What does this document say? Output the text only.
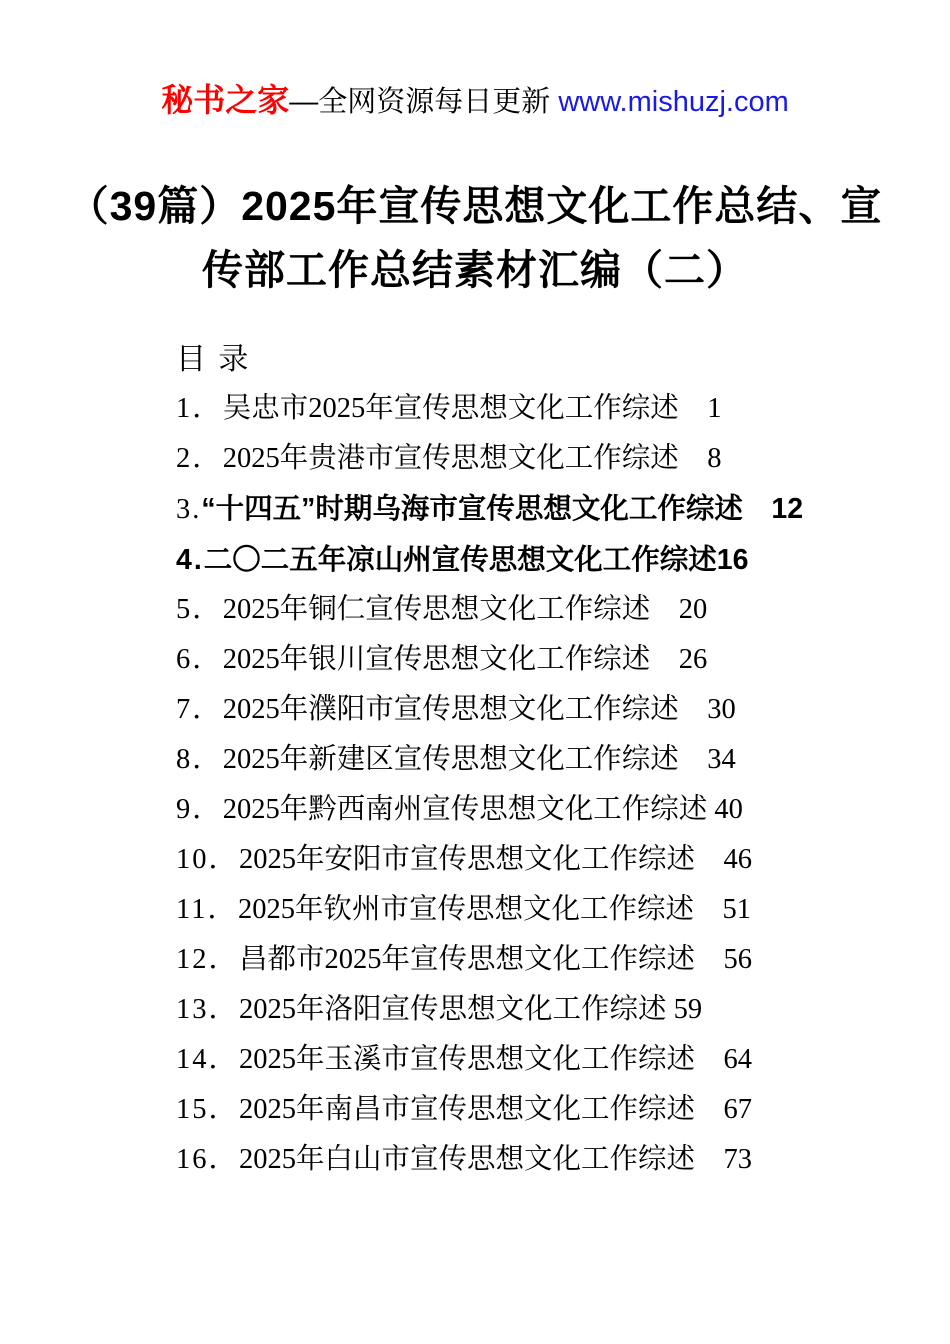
秘书之家—全网资源每日更新 www.mishuzj.com
（39篇）2025年宣传思想文化工作总结、宣
传部工作总结素材汇编（二）
目 录
1．吴忠市2025年宣传思想文化工作综述　 1
2．2025年贵港市宣传思想文化工作综述　 8
3.“十四五”时期乌海市宣传思想文化工作综述　 12
4.二〇二五年凉山州宣传思想文化工作综述16
5．2025年铜仁宣传思想文化工作综述　 20
6．2025年银川宣传思想文化工作综述　 26
7．2025年濮阳市宣传思想文化工作综述　 30
8．2025年新建区宣传思想文化工作综述　 34
9．2025年黔西南州宣传思想文化工作综述 40
10．2025年安阳市宣传思想文化工作综述　 46
11．2025年钦州市宣传思想文化工作综述　 51
12．昌都市2025年宣传思想文化工作综述　 56
13．2025年洛阳宣传思想文化工作综述 59
14．2025年玉溪市宣传思想文化工作综述　 64
15．2025年南昌市宣传思想文化工作综述　 67
16．2025年白山市宣传思想文化工作综述　 73
